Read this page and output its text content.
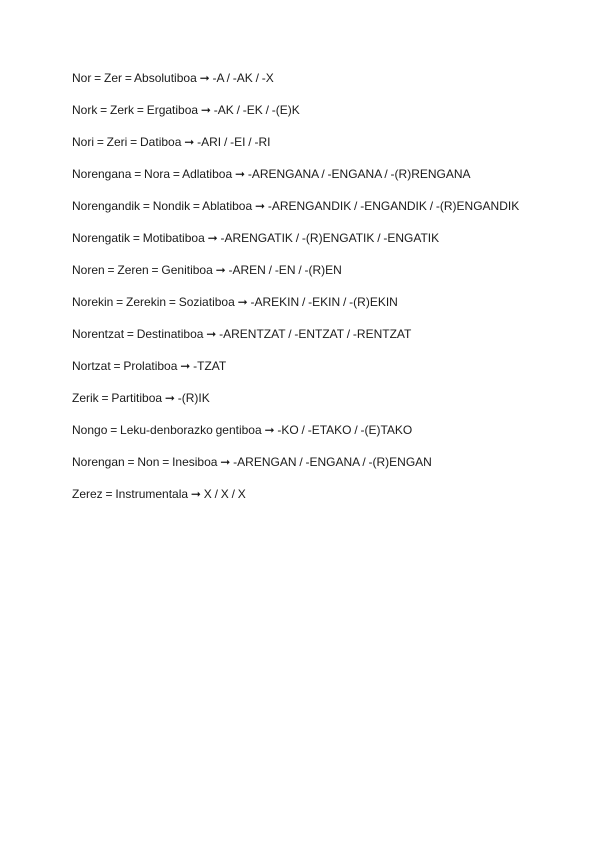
Nor = Zer = Absolutiboa ➞ -A / -AK / -X

Nork = Zerk = Ergatiboa ➞ -AK / -EK / -(E)K

Nori = Zeri = Datiboa ➞ -ARI / -EI / -RI

Norengana = Nora = Adlatiboa ➞ -ARENGANA / -ENGANA / -(R)RENGANA

Norengandik = Nondik = Ablatiboa ➞ -ARENGANDIK / -ENGANDIK / -(R)ENGANDIK

Norengatik = Motibatiboa ➞ -ARENGATIK / -(R)ENGATIK / -ENGATIK

Noren = Zeren = Genitiboa ➞ -AREN / -EN / -(R)EN

Norekin = Zerekin = Soziatiboa ➞ -AREKIN / -EKIN / -(R)EKIN

Norentzat = Destinatiboa ➞ -ARENTZAT / -ENTZAT / -RENTZAT

Nortzat = Prolatiboa ➞ -TZAT

Zerik = Partitiboa ➞ -(R)IK

Nongo = Leku-denborazko gentiboa ➞ -KO / -ETAKO / -(E)TAKO

Norengan = Non = Inesiboa ➞ -ARENGAN / -ENGANA / -(R)ENGAN

Zerez = Instrumentala ➞ X / X / X
